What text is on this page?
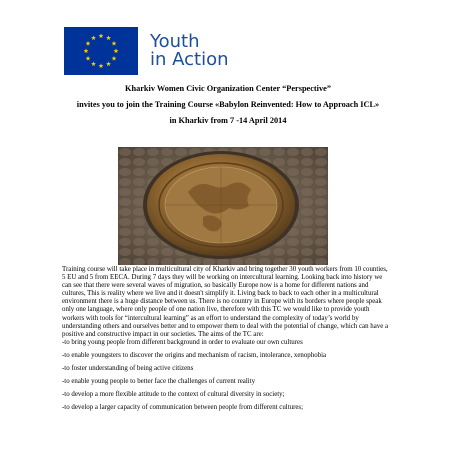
Youth
in Action

Kharkiv Women Civic Organization Center “Perspective”

invites you to join the Training Course «Babylon Reinvented: How to Approach ICL»

in Kharkiv from 7 -14 April 2014

Training course will take place in multicultural city of Kharkiv and bring together 30 youth workers from 10 counties, 5 EU and 5 from EECA. During 7 days they will be working on intercultural learning. Looking back into history we can see that there were several waves of migration, so basically Europe now is a home for different nations and cultures, This is reality where we live and it doesn't simplify it. Living back to back to each other in a multicultural environment there is a huge distance between us. There is no country in Europe with its borders where people speak only one language, where only people of one nation live, therefore with this TC we would like to provide youth workers with tools for “intercultural learning” as an effort to understand the complexity of today’s world by understanding others and ourselves better and to empower them to deal with the potential of change, which can have a positive and constructive impact in our societies. The aims of the TC are:

-to bring young people from different background in order to evaluate our own cultures

-to enable youngsters to discover the origins and mechanism of racism, intolerance, xenophobia

-to foster understanding of being active citizens

-to enable young people to better face the challenges of current reality

-to develop a more flexible attitude to the context of cultural diversity in society;

-to develop a larger capacity of communication between people from different cultures;
